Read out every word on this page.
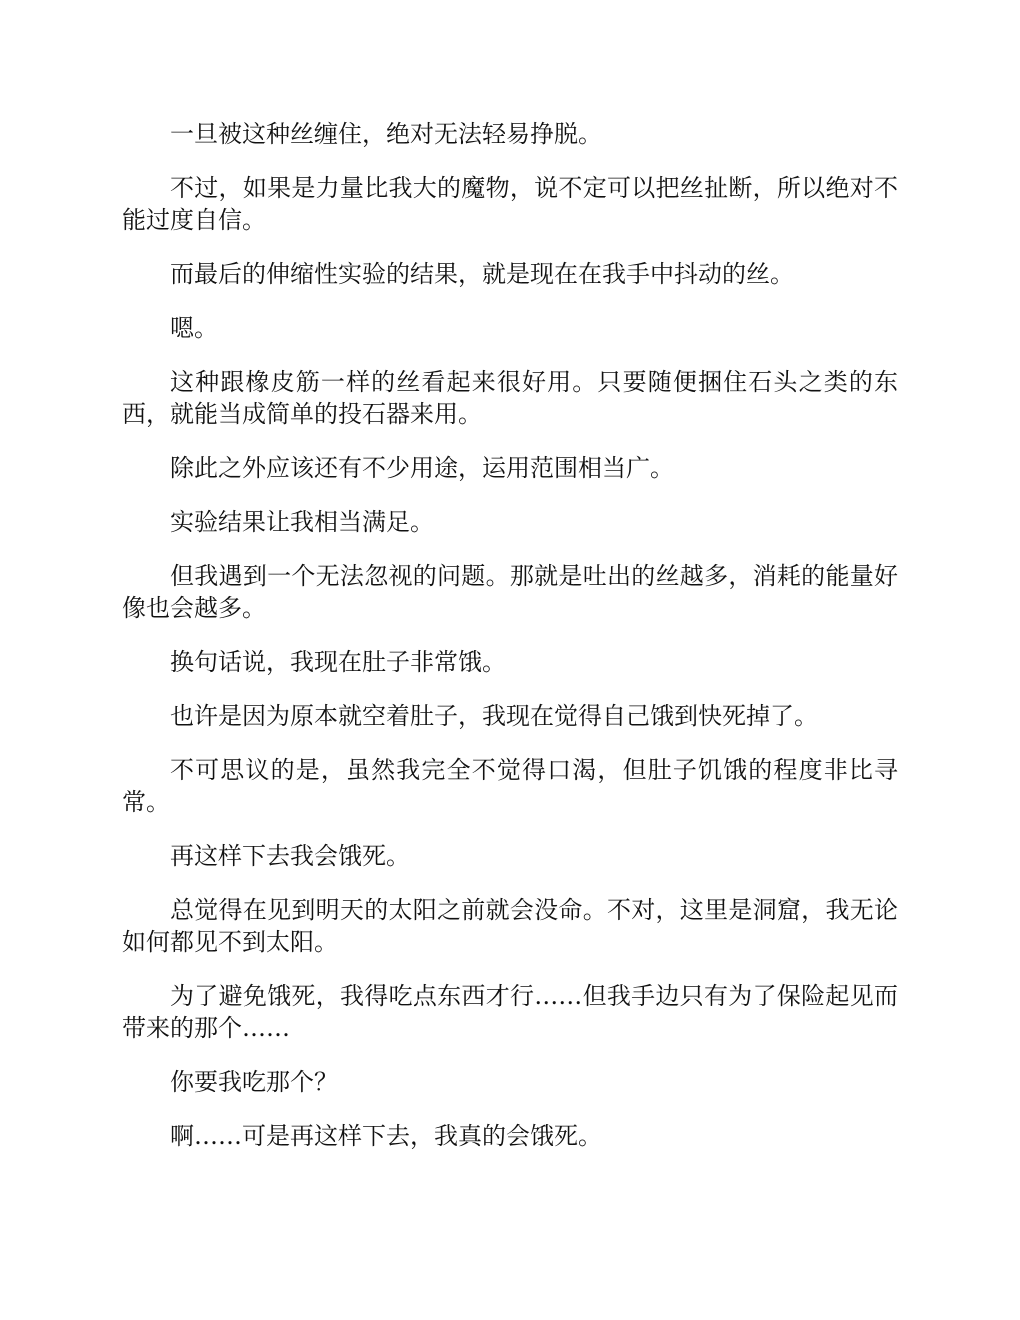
一旦被这种丝缠住，绝对无法轻易挣脱。

不过，如果是力量比我大的魔物，说不定可以把丝扯断，所以绝对不能过度自信。

而最后的伸缩性实验的结果，就是现在在我手中抖动的丝。

嗯。

这种跟橡皮筋一样的丝看起来很好用。只要随便捆住石头之类的东西，就能当成简单的投石器来用。

除此之外应该还有不少用途，运用范围相当广。

实验结果让我相当满足。

但我遇到一个无法忽视的问题。那就是吐出的丝越多，消耗的能量好像也会越多。

换句话说，我现在肚子非常饿。

也许是因为原本就空着肚子，我现在觉得自己饿到快死掉了。

不可思议的是，虽然我完全不觉得口渴，但肚子饥饿的程度非比寻常。

再这样下去我会饿死。

总觉得在见到明天的太阳之前就会没命。不对，这里是洞窟，我无论如何都见不到太阳。

为了避免饿死，我得吃点东西才行……但我手边只有为了保险起见而带来的那个……

你要我吃那个？

啊……可是再这样下去，我真的会饿死。
